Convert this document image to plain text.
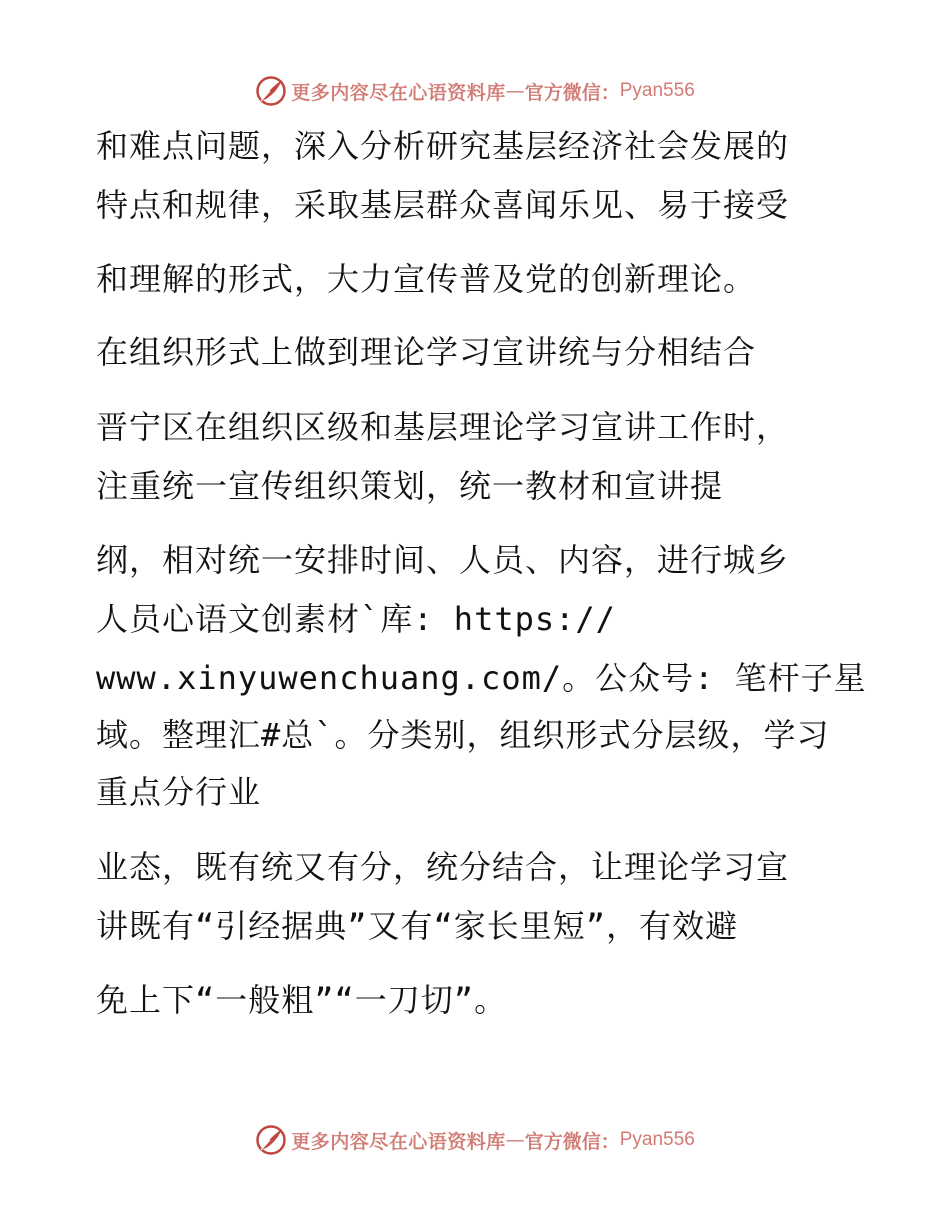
更多内容尽在心语资料库 — 官方微信： Pyan556
和难点问题，深入分析研究基层经济社会发展的
特点和规律，采取基层群众喜闻乐见、易于接受
和理解的形式，大力宣传普及党的创新理论。
在组织形式上做到理论学习宣讲统与分相结合
晋宁区在组织区级和基层理论学习宣讲工作时，
注重统一宣传组织策划，统一教材和宣讲提
纲，相对统一安排时间、人员、内容，进行城乡
人员心语文创素材`库: https://
www.xinyuwenchuang.com/。公众号: 笔杆子星
域。整理汇#总`。分类别，组织形式分层级，学习
重点分行业
业态，既有统又有分，统分结合，让理论学习宣
讲既有“引经据典”又有“家长里短”，有效避
免上下“一般粗”“一刀切”。
更多内容尽在心语资料库 — 官方微信： Pyan556
